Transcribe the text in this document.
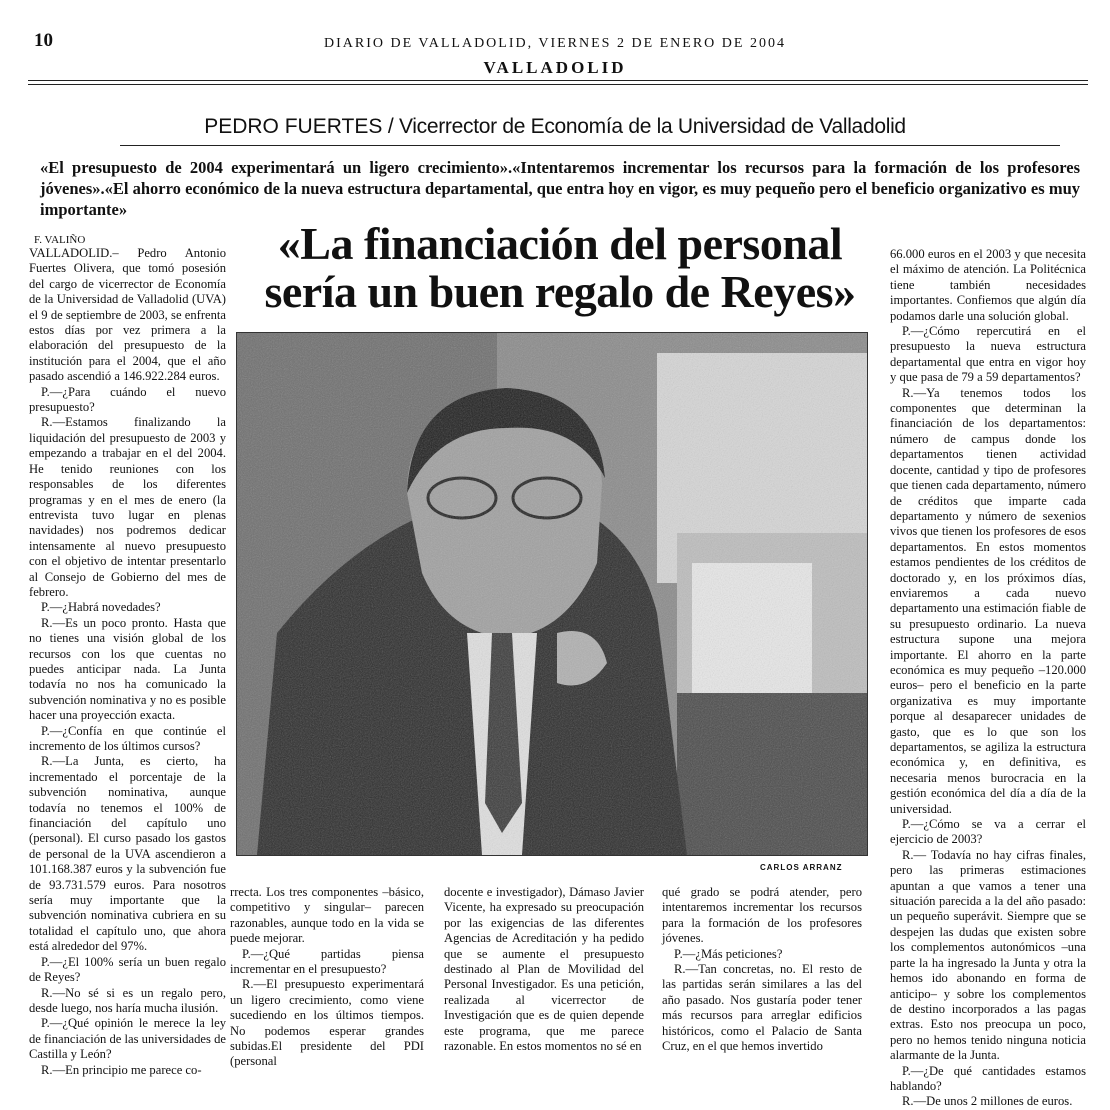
10	DIARIO DE VALLADOLID, VIERNES 2 DE ENERO DE 2004
VALLADOLID
PEDRO FUERTES / Vicerrector de Economía de la Universidad de Valladolid
«El presupuesto de 2004 experimentará un ligero crecimiento».«Intentaremos incrementar los recursos para la formación de los profesores jóvenes».«El ahorro económico de la nueva estructura departamental, que entra hoy en vigor, es muy pequeño pero el beneficio organizativo es muy importante»
F. VALIÑO	«La financiación del personal sería un buen regalo de Reyes»
CARLOS ARRANZ

VALLADOLID.– Pedro Antonio Fuertes Olivera, que tomó posesión del cargo de vicerrector de Economía de la Universidad de Valladolid (UVA) el 9 de septiembre de 2003, se enfrenta estos días por vez primera a la elaboración del presupuesto de la institución para el 2004, que el año pasado ascendió a 146.922.284 euros.

P.—¿Para cuándo el nuevo presupuesto?

R.—Estamos finalizando la liquidación del presupuesto de 2003 y empezando a trabajar en el del 2004. He tenido reuniones con los responsables de los diferentes programas y en el mes de enero (la entrevista tuvo lugar en plenas navidades) nos podremos dedicar intensamente al nuevo presupuesto con el objetivo de intentar presentarlo al Consejo de Gobierno del mes de febrero.

P.—¿Habrá novedades?

R.—Es un poco pronto. Hasta que no tienes una visión global de los recursos con los que cuentas no puedes anticipar nada. La Junta todavía no nos ha comunicado la subvención nominativa y no es posible hacer una proyección exacta.

P.—¿Confía en que continúe el incremento de los últimos cursos?

R.—La Junta, es cierto, ha incrementado el porcentaje de la subvención nominativa, aunque todavía no tenemos el 100% de financiación del capítulo uno (personal). El curso pasado los gastos de personal de la UVA ascendieron a 101.168.387 euros y la subvención fue de 93.731.579 euros. Para nosotros sería muy importante que la subvención nominativa cubriera en su totalidad el capítulo uno, que ahora está alrededor del 97%.

P.—¿El 100% sería un buen regalo de Reyes?

R.—No sé si es un regalo pero, desde luego, nos haría mucha ilusión.

P.—¿Qué opinión le merece la ley de financiación de las universidades de Castilla y León?

R.—En principio me parece co-

rrecta. Los tres componentes –básico, competitivo y singular– parecen razonables, aunque todo en la vida se puede mejorar.

P.—¿Qué partidas piensa incrementar en el presupuesto?

R.—El presupuesto experimentará un ligero crecimiento, como viene sucediendo en los últimos tiempos. No podemos esperar grandes subidas.El presidente del PDI (personal

docente e investigador), Dámaso Javier Vicente, ha expresado su preocupación por las exigencias de las diferentes Agencias de Acreditación y ha pedido que se aumente el presupuesto destinado al Plan de Movilidad del Personal Investigador. Es una petición, realizada al vicerrector de Investigación que es de quien depende este programa, que me parece razonable. En estos momentos no sé en

qué grado se podrá atender, pero intentaremos incrementar los recursos para la formación de los profesores jóvenes.

P.—¿Más peticiones?

R.—Tan concretas, no. El resto de las partidas serán similares a las del año pasado. Nos gustaría poder tener más recursos para arreglar edificios históricos, como el Palacio de Santa Cruz, en el que hemos invertido

66.000 euros en el 2003 y que necesita el máximo de atención. La Politécnica tiene también necesidades importantes. Confiemos que algún día podamos darle una solución global.

P.—¿Cómo repercutirá en el presupuesto la nueva estructura departamental que entra en vigor hoy y que pasa de 79 a 59 departamentos?

R.—Ya tenemos todos los componentes que determinan la financiación de los departamentos: número de campus donde los departamentos tienen actividad docente, cantidad y tipo de profesores que tienen cada departamento, número de créditos que imparte cada departamento y número de sexenios vivos que tienen los profesores de esos departamentos. En estos momentos estamos pendientes de los créditos de doctorado y, en los próximos días, enviaremos a cada nuevo departamento una estimación fiable de su presupuesto ordinario. La nueva estructura supone una mejora importante. El ahorro en la parte económica es muy pequeño –120.000 euros– pero el beneficio en la parte organizativa es muy importante porque al desaparecer unidades de gasto, que es lo que son los departamentos, se agiliza la estructura económica y, en definitiva, es necesaria menos burocracia en la gestión económica del día a día de la universidad.

P.—¿Cómo se va a cerrar el ejercicio de 2003?

R.— Todavía no hay cifras finales, pero las primeras estimaciones apuntan a que vamos a tener una situación parecida a la del año pasado: un pequeño superávit. Siempre que se despejen las dudas que existen sobre los complementos autonómicos –una parte la ha ingresado la Junta y otra la hemos ido abonando en forma de anticipo– y sobre los complementos de destino incorporados a las pagas extras. Esto nos preocupa un poco, pero no hemos tenido ninguna noticia alarmante de la Junta.

P.—¿De qué cantidades estamos hablando?

R.—De unos 2 millones de euros.
